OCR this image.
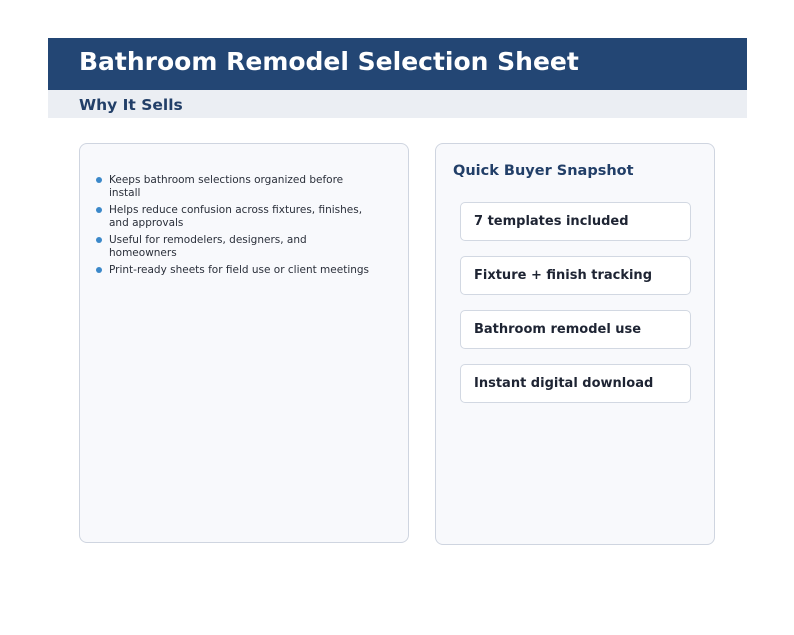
Bathroom Remodel Selection Sheet
Why It Sells
Keeps bathroom selections organized before install
Helps reduce confusion across fixtures, finishes, and approvals
Useful for remodelers, designers, and homeowners
Print-ready sheets for field use or client meetings
Quick Buyer Snapshot
7 templates included
Fixture + finish tracking
Bathroom remodel use
Instant digital download
